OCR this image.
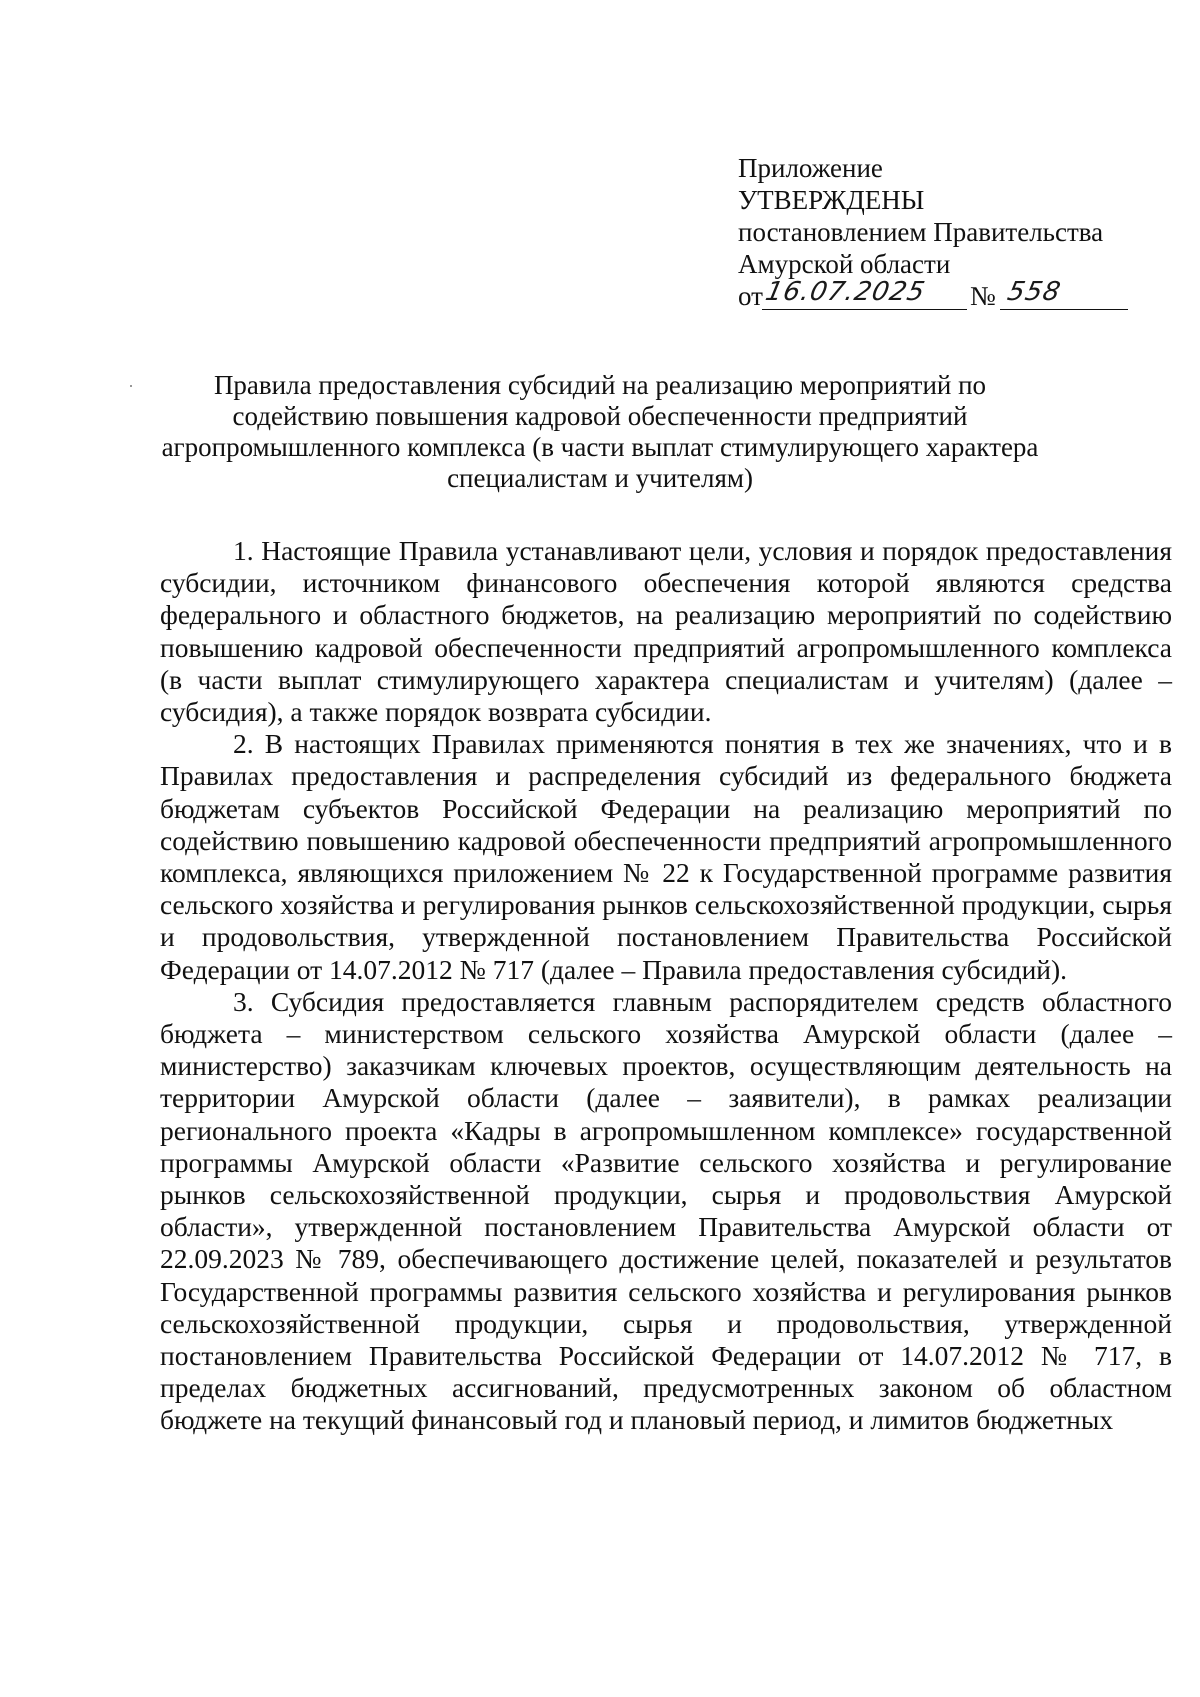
Приложение
УТВЕРЖДЕНЫ
постановлением Правительства
Амурской области
от 16.07.2025 № 558
Правила предоставления субсидий на реализацию мероприятий по содействию повышения кадровой обеспеченности предприятий агропромышленного комплекса (в части выплат стимулирующего характера специалистам и учителям)

1. Настоящие Правила устанавливают цели, условия и порядок предоставления субсидии, источником финансового обеспечения которой являются средства федерального и областного бюджетов, на реализацию мероприятий по содействию повышению кадровой обеспеченности предприятий агропромышленного комплекса (в части выплат стимулирующего характера специалистам и учителям) (далее – субсидия), а также порядок возврата субсидии.

2. В настоящих Правилах применяются понятия в тех же значениях, что и в Правилах предоставления и распределения субсидий из федерального бюджета бюджетам субъектов Российской Федерации на реализацию мероприятий по содействию повышению кадровой обеспеченности предприятий агропромышленного комплекса, являющихся приложением № 22 к Государственной программе развития сельского хозяйства и регулирования рынков сельскохозяйственной продукции, сырья и продовольствия, утвержденной постановлением Правительства Российской Федерации от 14.07.2012 № 717 (далее – Правила предоставления субсидий).

3. Субсидия предоставляется главным распорядителем средств областного бюджета – министерством сельского хозяйства Амурской области (далее – министерство) заказчикам ключевых проектов, осуществляющим деятельность на территории Амурской области (далее – заявители), в рамках реализации регионального проекта «Кадры в агропромышленном комплексе» государственной программы Амурской области «Развитие сельского хозяйства и регулирование рынков сельскохозяйственной продукции, сырья и продовольствия Амурской области», утвержденной постановлением Правительства Амурской области от 22.09.2023 № 789, обеспечивающего достижение целей, показателей и результатов Государственной программы развития сельского хозяйства и регулирования рынков сельскохозяйственной продукции, сырья и продовольствия, утвержденной постановлением Правительства Российской Федерации от 14.07.2012 № 717, в пределах бюджетных ассигнований, предусмотренных законом об областном бюджете на текущий финансовый год и плановый период, и лимитов бюджетных
